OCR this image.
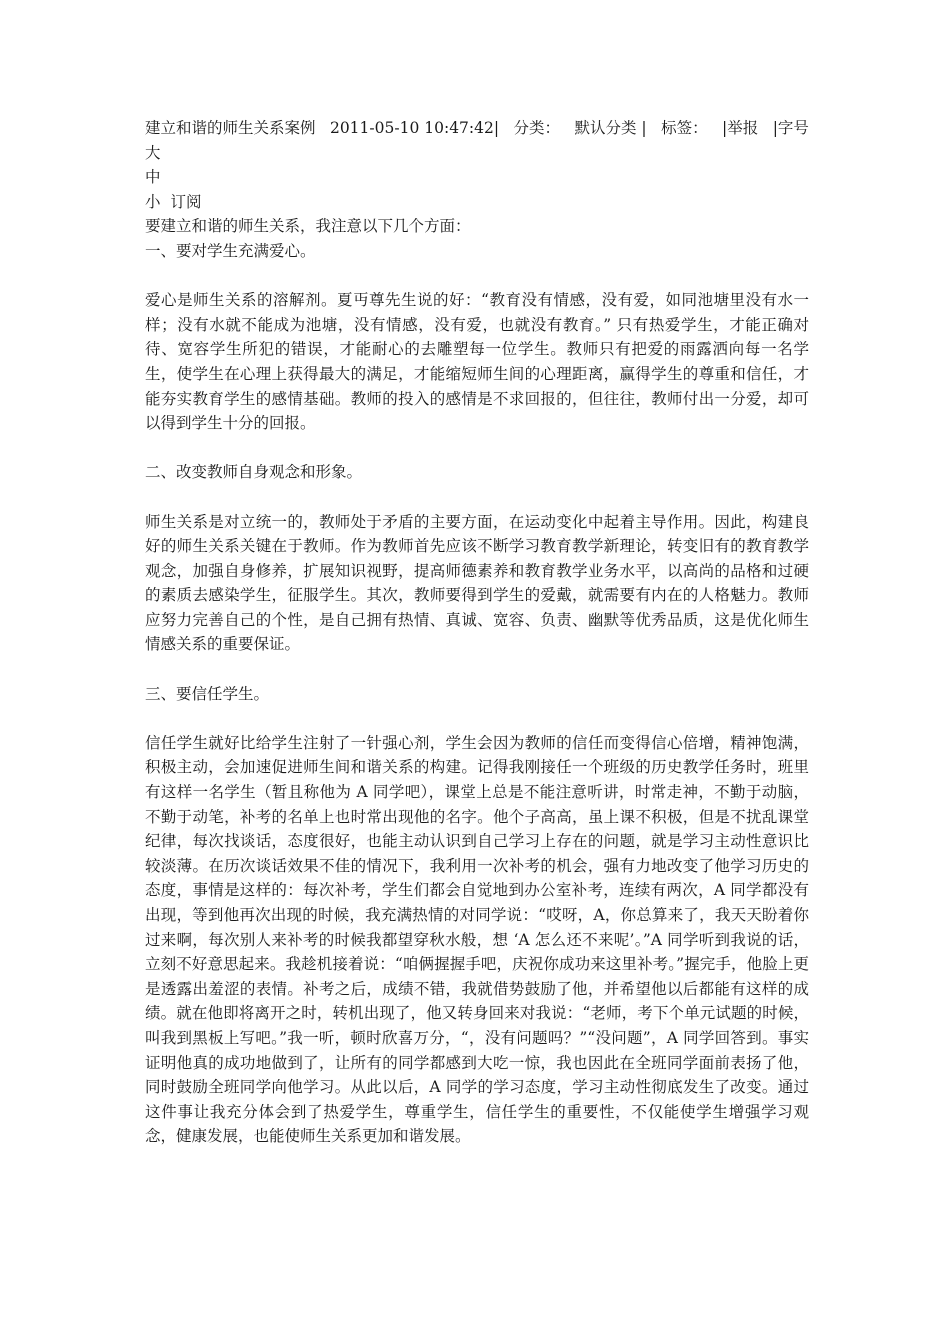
建立和谐的师生关系案例 2011-05-10 10:47:42| 分类： 默认分类 | 标签： |举报 |字号
大
中
小 订阅
要建立和谐的师生关系，我注意以下几个方面：
一、要对学生充满爱心。

爱心是师生关系的溶解剂。夏丏尊先生说的好：“教育没有情感，没有爱，如同池塘里没有水一样；没有水就不能成为池塘，没有情感，没有爱，也就没有教育。” 只有热爱学生，才能正确对待、宽容学生所犯的错误，才能耐心的去雕塑每一位学生。教师只有把爱的雨露洒向每一名学生，使学生在心理上获得最大的满足，才能缩短师生间的心理距离，赢得学生的尊重和信任，才能夯实教育学生的感情基础。教师的投入的感情是不求回报的，但往往，教师付出一分爱，却可以得到学生十分的回报。

二、改变教师自身观念和形象。

师生关系是对立统一的，教师处于矛盾的主要方面，在运动变化中起着主导作用。因此，构建良好的师生关系关键在于教师。作为教师首先应该不断学习教育教学新理论，转变旧有的教育教学观念，加强自身修养，扩展知识视野，提高师德素养和教育教学业务水平，以高尚的品格和过硬的素质去感染学生，征服学生。其次，教师要得到学生的爱戴，就需要有内在的人格魅力。教师应努力完善自己的个性，是自己拥有热情、真诚、宽容、负责、幽默等优秀品质，这是优化师生情感关系的重要保证。

三、要信任学生。

信任学生就好比给学生注射了一针强心剂，学生会因为教师的信任而变得信心倍增，精神饱满，积极主动，会加速促进师生间和谐关系的构建。记得我刚接任一个班级的历史教学任务时，班里有这样一名学生（暂且称他为 A 同学吧），课堂上总是不能注意听讲，时常走神，不勤于动脑，不勤于动笔，补考的名单上也时常出现他的名字。他个子高高，虽上课不积极，但是不扰乱课堂纪律，每次找谈话，态度很好，也能主动认识到自己学习上存在的问题，就是学习主动性意识比较淡薄。在历次谈话效果不佳的情况下，我利用一次补考的机会，强有力地改变了他学习历史的态度，事情是这样的：每次补考，学生们都会自觉地到办公室补考，连续有两次，A 同学都没有出现，等到他再次出现的时候，我充满热情的对同学说：“哎呀，A，你总算来了，我天天盼着你过来啊，每次别人来补考的时候我都望穿秋水般，想 ‘A 怎么还不来呢’。”A 同学听到我说的话，立刻不好意思起来。我趁机接着说：“咱俩握握手吧，庆祝你成功来这里补考。”握完手，他脸上更是透露出羞涩的表情。补考之后，成绩不错，我就借势鼓励了他，并希望他以后都能有这样的成绩。就在他即将离开之时，转机出现了，他又转身回来对我说：“老师，考下个单元试题的时候，叫我到黑板上写吧。”我一听，顿时欣喜万分，“，没有问题吗？”“没问题”，A 同学回答到。事实证明他真的成功地做到了，让所有的同学都感到大吃一惊，我也因此在全班同学面前表扬了他，同时鼓励全班同学向他学习。从此以后，A 同学的学习态度，学习主动性彻底发生了改变。通过这件事让我充分体会到了热爱学生，尊重学生，信任学生的重要性，不仅能使学生增强学习观念，健康发展，也能使师生关系更加和谐发展。
